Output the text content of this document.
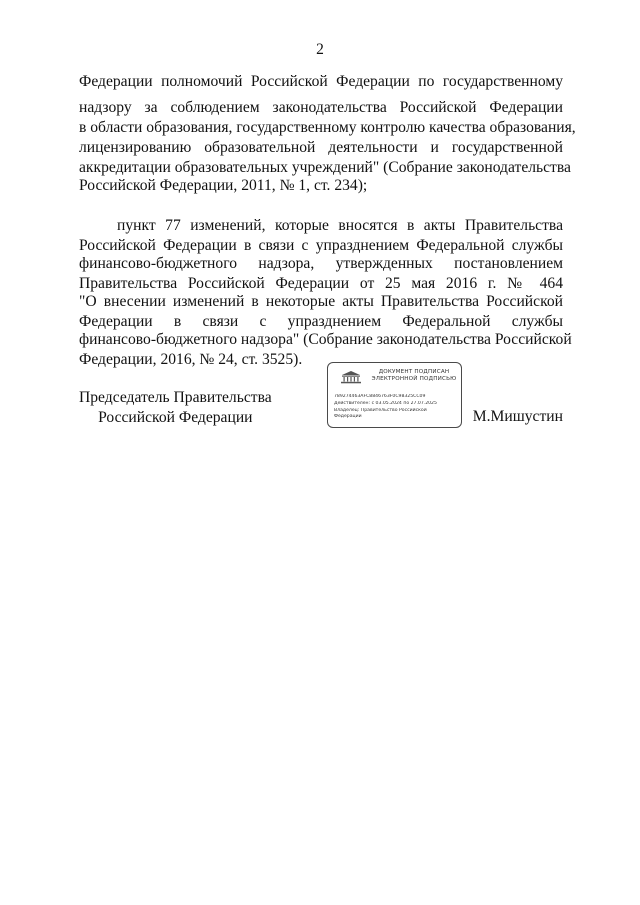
2
Федерации полномочий Российской Федерации по государственному
надзору за соблюдением законодательства Российской Федерации
в области образования, государственному контролю качества образования,
лицензированию образовательной деятельности и государственной
аккредитации образовательных учреждений" (Собрание законодательства
Российской Федерации, 2011, № 1, ст. 234);
пункт 77 изменений, которые вносятся в акты Правительства
Российской Федерации в связи с упразднением Федеральной службы
финансово-бюджетного надзора, утвержденных постановлением
Правительства Российской Федерации от 25 мая 2016 г. № 464
"О внесении изменений в некоторые акты Правительства Российской
Федерации в связи с упразднением Федеральной службы
финансово-бюджетного надзора" (Собрание законодательства Российской
Федерации, 2016, № 24, ст. 3525).
Председатель Правительства
Российской Федерации
ДОКУМЕНТ ПОДПИСАН
ЭЛЕКТРОННОЙ ПОДПИСЬЮ
789274463AFC8846763F0C98325CC09
Действителен: с 03.05.2024 по 27.07.2025
Владелец: Правительство Российской
Федерации	М.Мишустин
